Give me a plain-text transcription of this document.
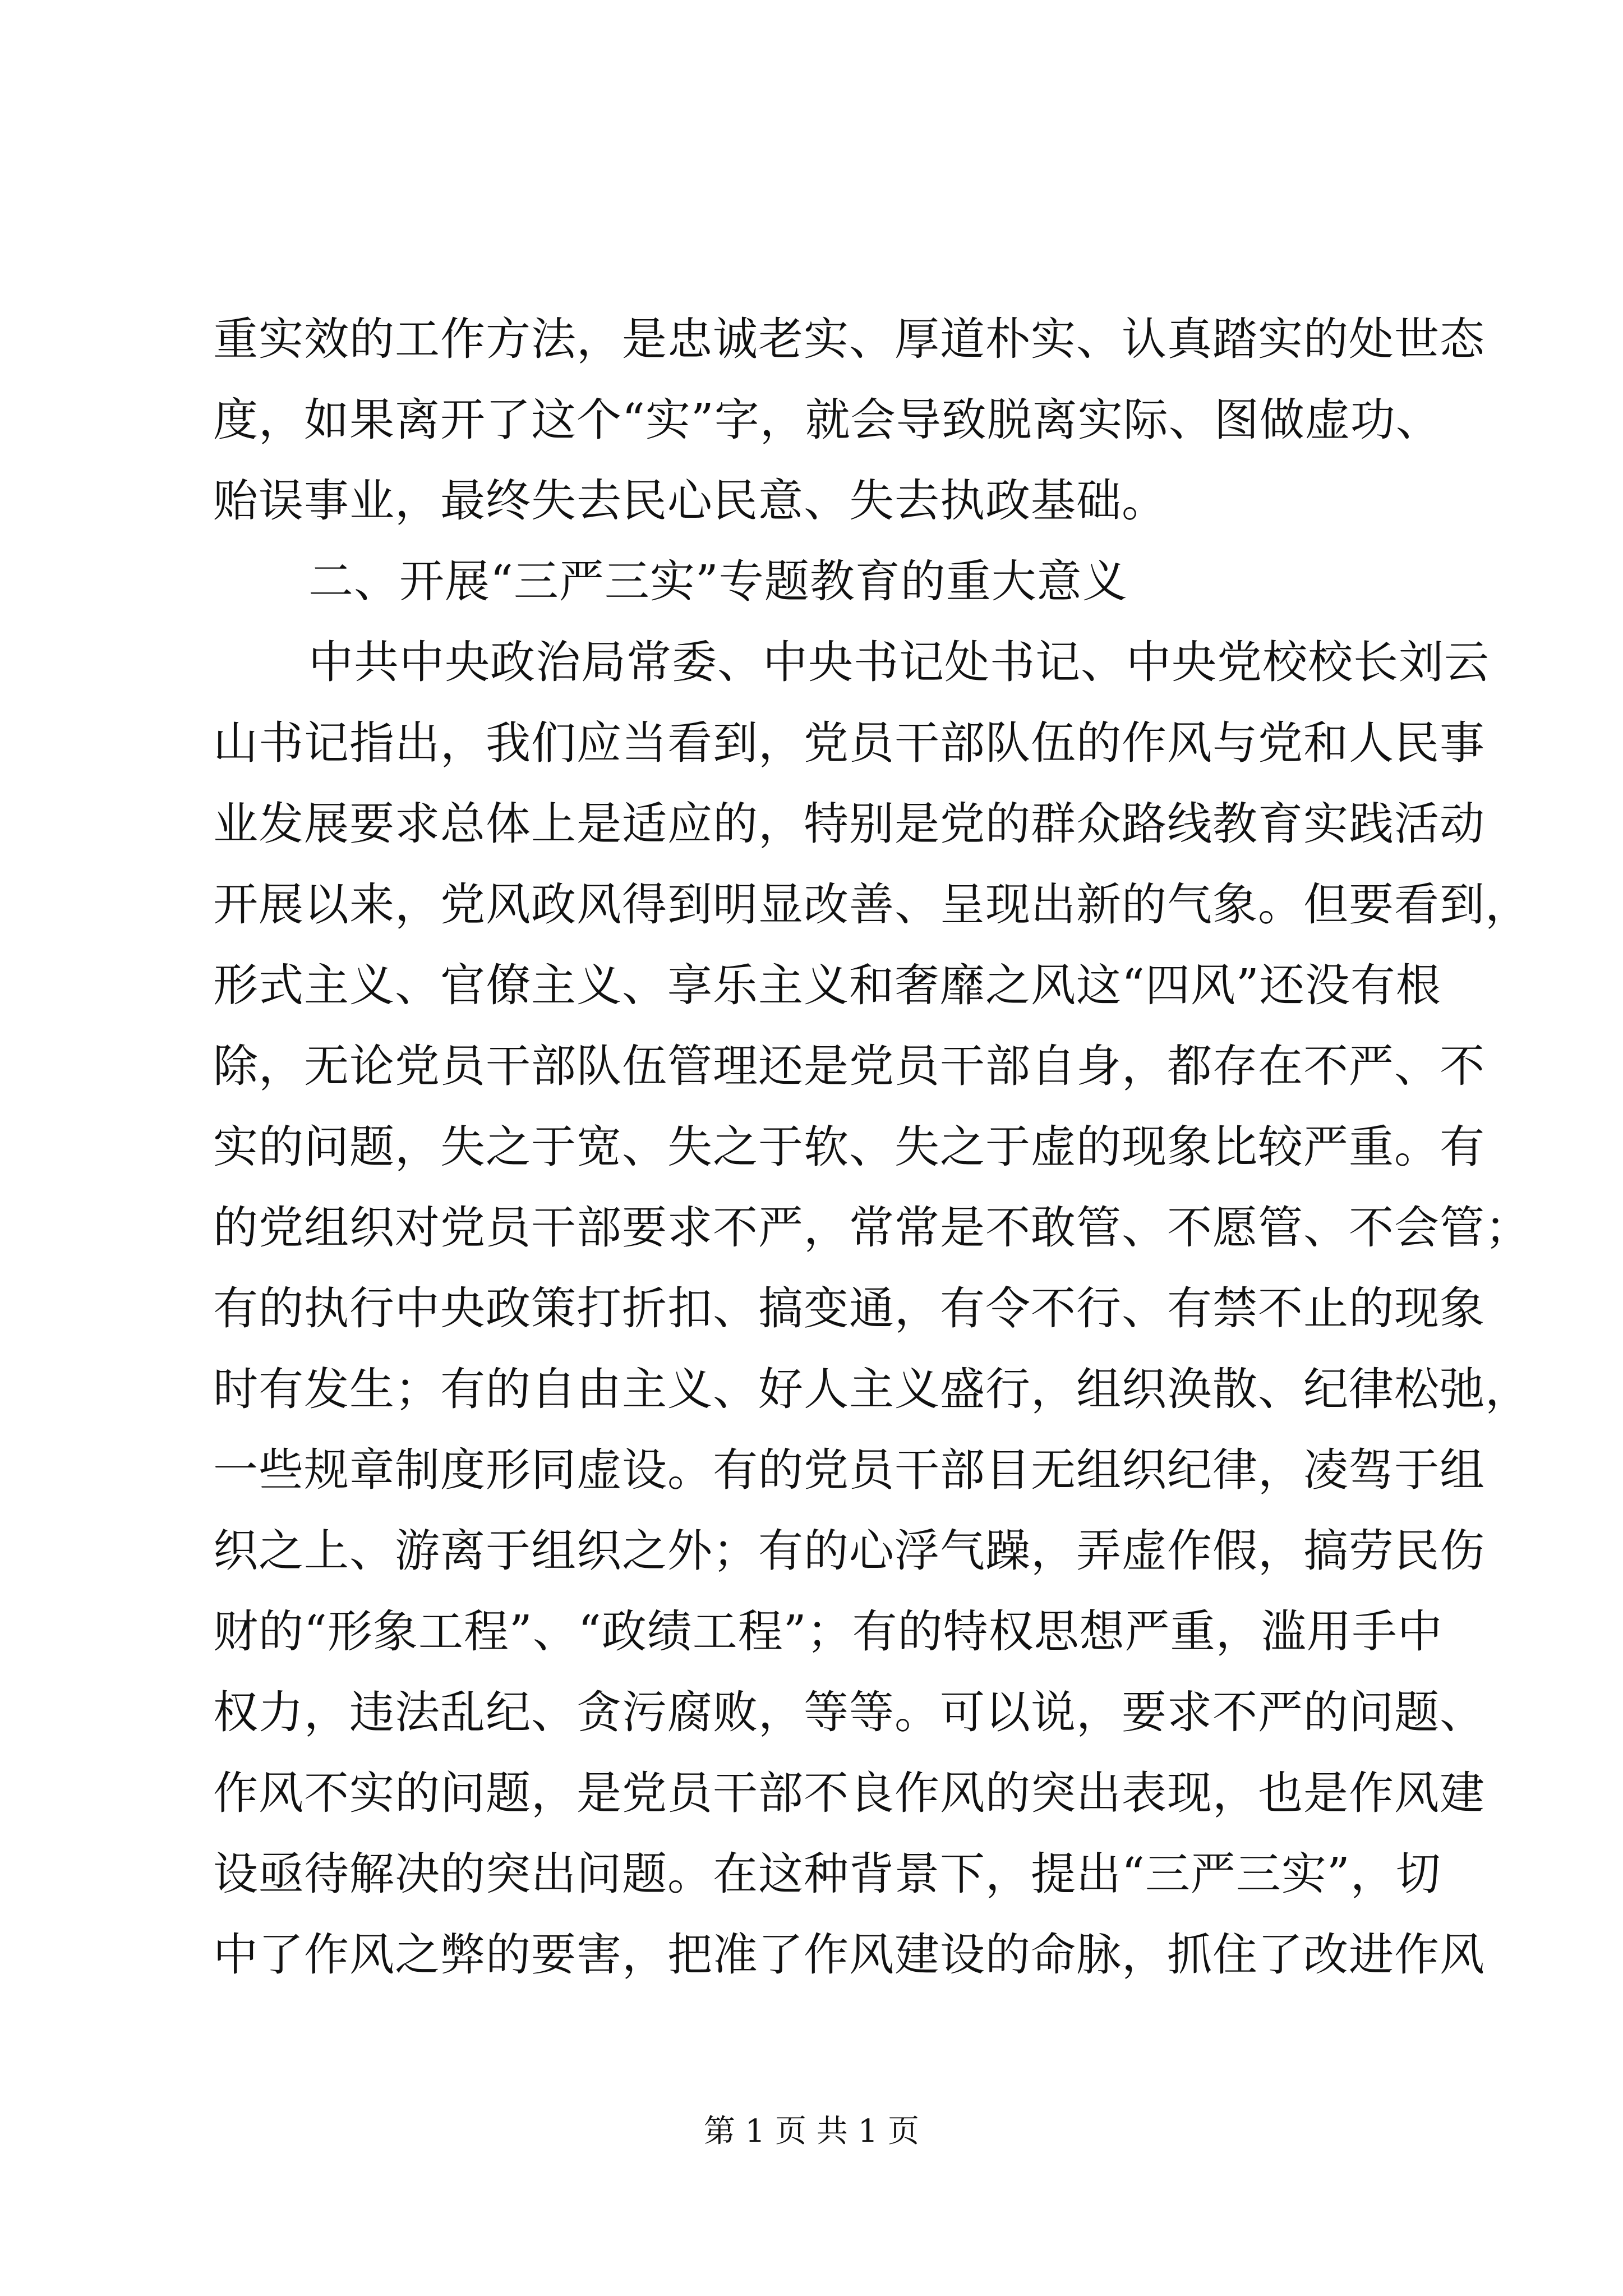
重实效的工作方法，是忠诚老实、厚道朴实、认真踏实的处世态
度，如果离开了这个“实”字，就会导致脱离实际、图做虚功、
贻误事业，最终失去民心民意、失去执政基础。
二、开展“三严三实”专题教育的重大意义
中共中央政治局常委、中央书记处书记、中央党校校长刘云
山书记指出，我们应当看到，党员干部队伍的作风与党和人民事
业发展要求总体上是适应的，特别是党的群众路线教育实践活动
开展以来，党风政风得到明显改善、呈现出新的气象。但要看到，
形式主义、官僚主义、享乐主义和奢靡之风这“四风”还没有根
除，无论党员干部队伍管理还是党员干部自身，都存在不严、不
实的问题，失之于宽、失之于软、失之于虚的现象比较严重。有
的党组织对党员干部要求不严，常常是不敢管、不愿管、不会管；
有的执行中央政策打折扣、搞变通，有令不行、有禁不止的现象
时有发生；有的自由主义、好人主义盛行，组织涣散、纪律松弛，
一些规章制度形同虚设。有的党员干部目无组织纪律，凌驾于组
织之上、游离于组织之外；有的心浮气躁，弄虚作假，搞劳民伤
财的“形象工程”、“政绩工程”；有的特权思想严重，滥用手中
权力，违法乱纪、贪污腐败，等等。可以说，要求不严的问题、
作风不实的问题，是党员干部不良作风的突出表现，也是作风建
设亟待解决的突出问题。在这种背景下，提出“三严三实”，切
中了作风之弊的要害，把准了作风建设的命脉，抓住了改进作风
第 1 页 共 1 页
